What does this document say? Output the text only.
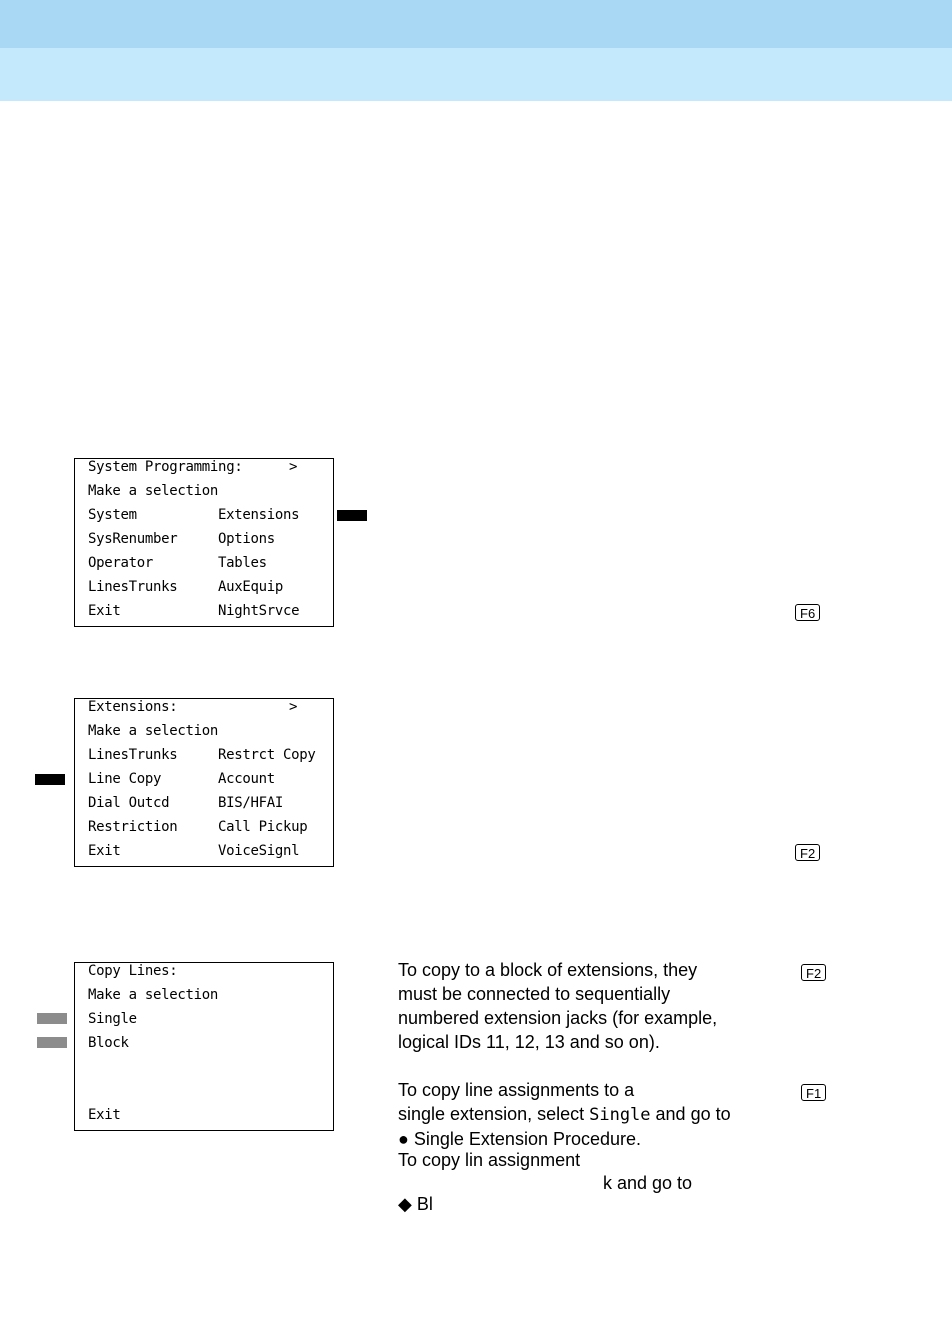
System Programming:	>
Make a selection
System	Extensions
SysRenumber	Options
Operator	Tables
LinesTrunks	AuxEquip
Exit	NightSrvce	F6
Extensions:	>
Make a selection
LinesTrunks	Restrct Copy
Line Copy	Account
Dial Outcd	BIS/HFAI
Restriction	Call Pickup
Exit	VoiceSignl	F2
Copy Lines:
Make a selection
Single
Block
Exit
F2
F1
To copy to a block of extensions, they
must be connected to sequentially
numbered extension jacks (for example,
logical IDs 11, 12, 13 and so on).
To copy line assignments to a
single extension, select Single and go to
● Single Extension Procedure.
To copy lin assignment
k and go to
◆ Bl
